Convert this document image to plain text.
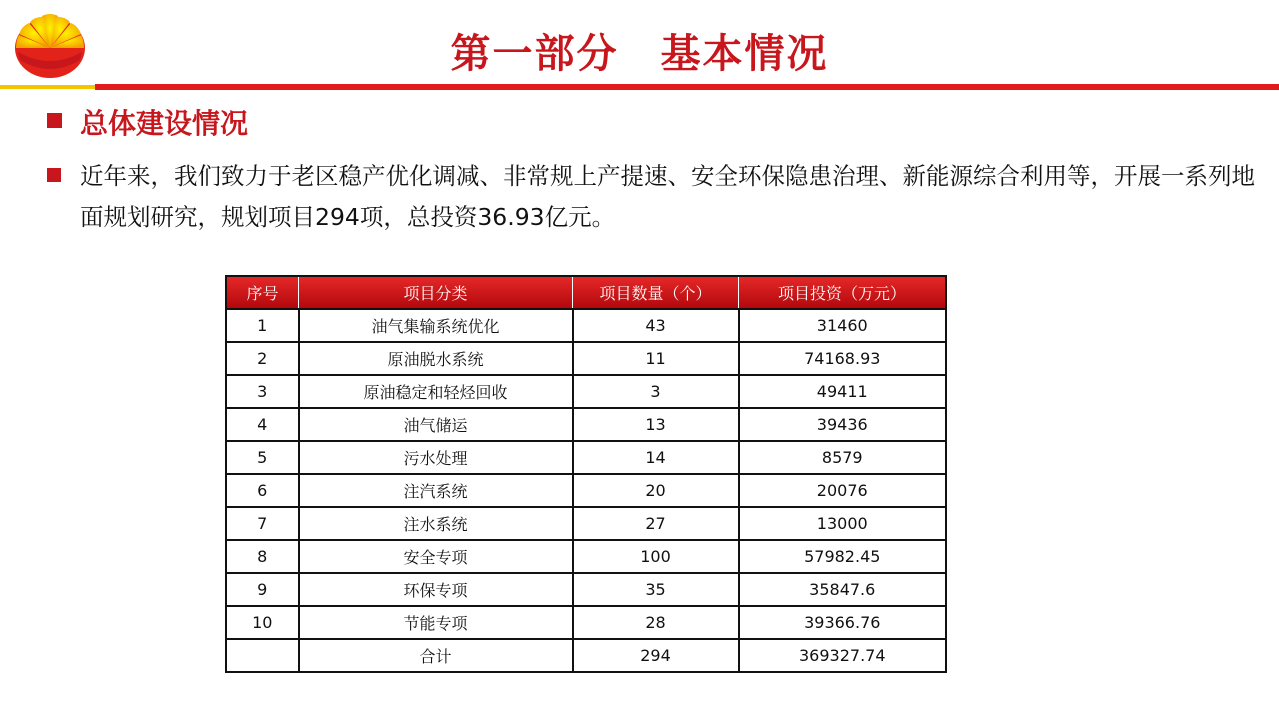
第一部分　基本情况
总体建设情况

近年来，我们致力于老区稳产优化调减、非常规上产提速、安全环保隐患治理、新能源综合利用等，开展一系列地面规划研究，规划项目294项，总投资36.93亿元。

序号	项目分类	项目数量（个）	项目投资（万元）
1	油气集输系统优化	43	31460
2	原油脱水系统	11	74168.93
3	原油稳定和轻烃回收	3	49411
4	油气储运	13	39436
5	污水处理	14	8579
6	注汽系统	20	20076
7	注水系统	27	13000
8	安全专项	100	57982.45
9	环保专项	35	35847.6
10	节能专项	28	39366.76
	合计	294	369327.74
